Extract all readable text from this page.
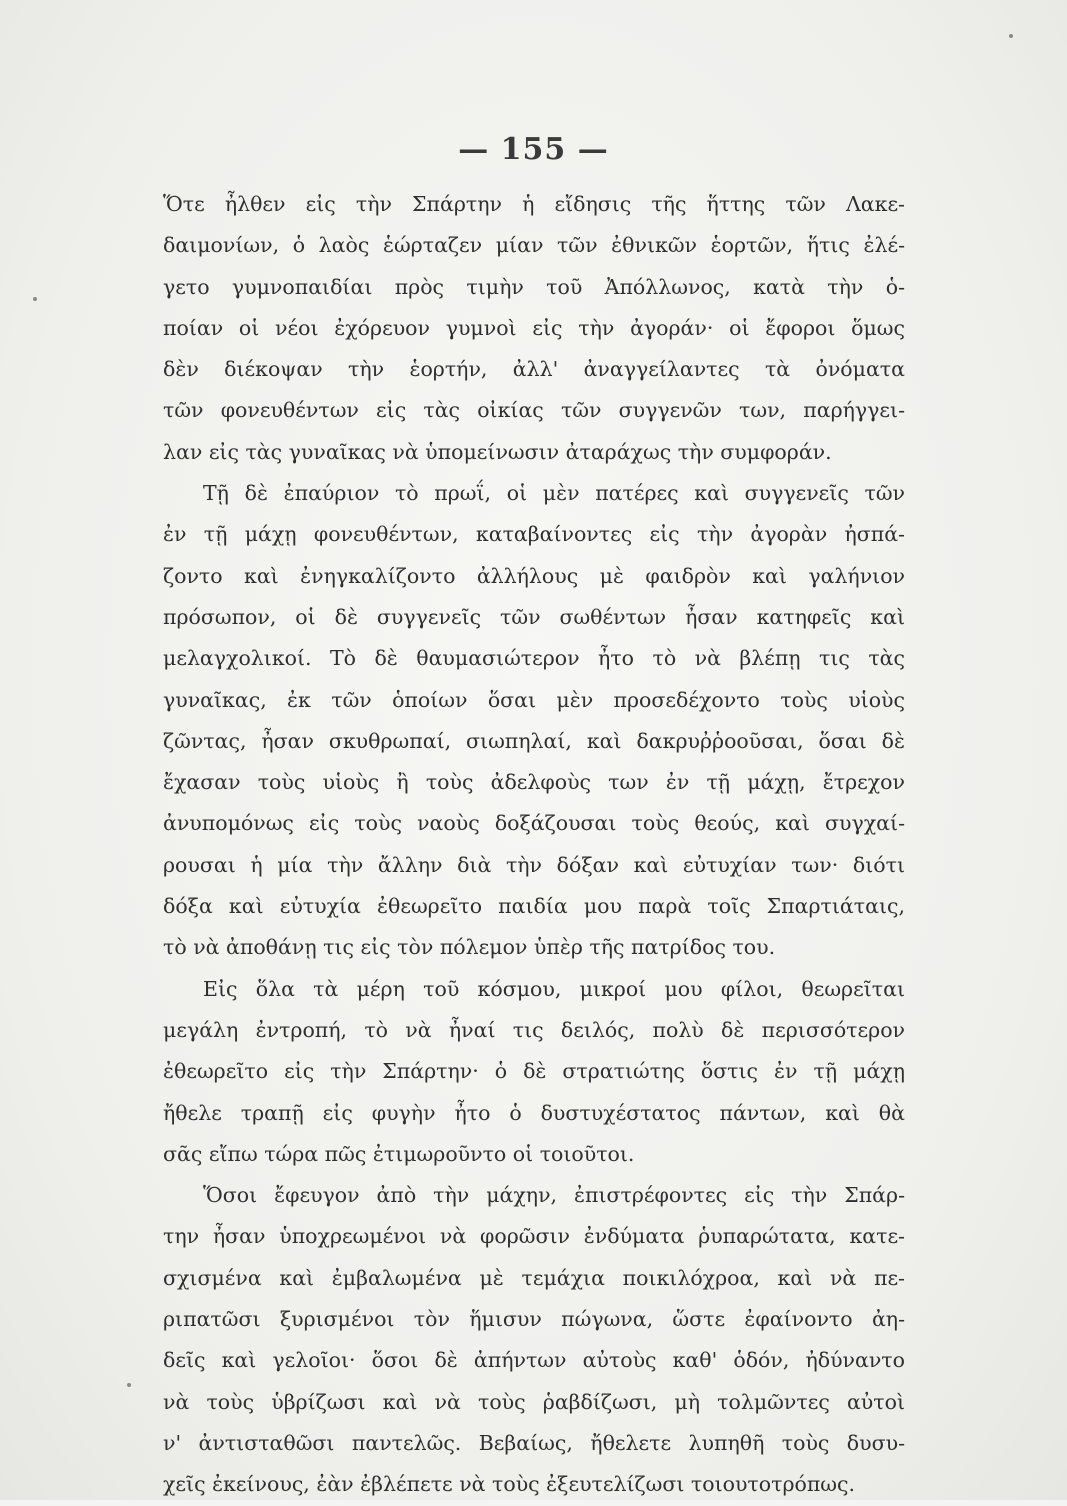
— 155 —
Ὅτε ἦλθεν εἰς τὴν Σπάρτην ἡ εἴδησις τῆς ἥττης τῶν Λακε-
δαιμονίων, ὁ λαὸς ἑώρταζεν μίαν τῶν ἐθνικῶν ἑορτῶν, ἥτις ἐλέ-
γετο γυμνοπαιδίαι πρὸς τιμὴν τοῦ Ἀπόλλωνος, κατὰ τὴν ὁ-
ποίαν οἱ νέοι ἐχόρευον γυμνοὶ εἰς τὴν ἀγοράν· οἱ ἔφοροι ὅμως
δὲν διέκοψαν τὴν ἑορτήν, ἀλλ' ἀναγγείλαντες τὰ ὀνόματα
τῶν φονευθέντων εἰς τὰς οἰκίας τῶν συγγενῶν των, παρήγγει-
λαν εἰς τὰς γυναῖκας νὰ ὑπομείνωσιν ἀταράχως τὴν συμφοράν.
Τῇ δὲ ἐπαύριον τὸ πρωΐ, οἱ μὲν πατέρες καὶ συγγενεῖς τῶν
ἐν τῇ μάχῃ φονευθέντων, καταβαίνοντες εἰς τὴν ἀγορὰν ἠσπά-
ζοντο καὶ ἐνηγκαλίζοντο ἀλλήλους μὲ φαιδρὸν καὶ γαλήνιον
πρόσωπον, οἱ δὲ συγγενεῖς τῶν σωθέντων ἦσαν κατηφεῖς καὶ
μελαγχολικοί. Τὸ δὲ θαυμασιώτερον ἦτο τὸ νὰ βλέπῃ τις τὰς
γυναῖκας, ἐκ τῶν ὁποίων ὅσαι μὲν προσεδέχοντο τοὺς υἱοὺς
ζῶντας, ἦσαν σκυθρωπαί, σιωπηλαί, καὶ δακρυῤῥοοῦσαι, ὅσαι δὲ
ἔχασαν τοὺς υἱοὺς ἢ τοὺς ἀδελφοὺς των ἐν τῇ μάχῃ, ἔτρεχον
ἀνυπομόνως εἰς τοὺς ναοὺς δοξάζουσαι τοὺς θεούς, καὶ συγχαί-
ρουσαι ἡ μία τὴν ἄλλην διὰ τὴν δόξαν καὶ εὐτυχίαν των· διότι
δόξα καὶ εὐτυχία ἐθεωρεῖτο παιδία μου παρὰ τοῖς Σπαρτιάταις,
τὸ νὰ ἀποθάνῃ τις εἰς τὸν πόλεμον ὑπὲρ τῆς πατρίδος του.
Εἰς ὅλα τὰ μέρη τοῦ κόσμου, μικροί μου φίλοι, θεωρεῖται
μεγάλη ἐντροπή, τὸ νὰ ἦναί τις δειλός, πολὺ δὲ περισσότερον
ἐθεωρεῖτο εἰς τὴν Σπάρτην· ὁ δὲ στρατιώτης ὅστις ἐν τῇ μάχῃ
ἤθελε τραπῇ εἰς φυγὴν ἦτο ὁ δυστυχέστατος πάντων, καὶ θὰ
σᾶς εἴπω τώρα πῶς ἐτιμωροῦντο οἱ τοιοῦτοι.
Ὅσοι ἔφευγον ἀπὸ τὴν μάχην, ἐπιστρέφοντες εἰς τὴν Σπάρ-
την ἦσαν ὑποχρεωμένοι νὰ φορῶσιν ἐνδύματα ῥυπαρώτατα, κατε-
σχισμένα καὶ ἐμβαλωμένα μὲ τεμάχια ποικιλόχροα, καὶ νὰ πε-
ριπατῶσι ξυρισμένοι τὸν ἥμισυν πώγωνα, ὥστε ἐφαίνοντο ἀη-
δεῖς καὶ γελοῖοι· ὅσοι δὲ ἀπήντων αὐτοὺς καθ' ὁδόν, ἠδύναντο
νὰ τοὺς ὑβρίζωσι καὶ νὰ τοὺς ῥαβδίζωσι, μὴ τολμῶντες αὐτοὶ
ν' ἀντισταθῶσι παντελῶς. Βεβαίως, ἤθελετε λυπηθῆ τοὺς δυσυ-
χεῖς ἐκείνους, ἐὰν ἐβλέπετε νὰ τοὺς ἐξευτελίζωσι τοιουτοτρόπως.
